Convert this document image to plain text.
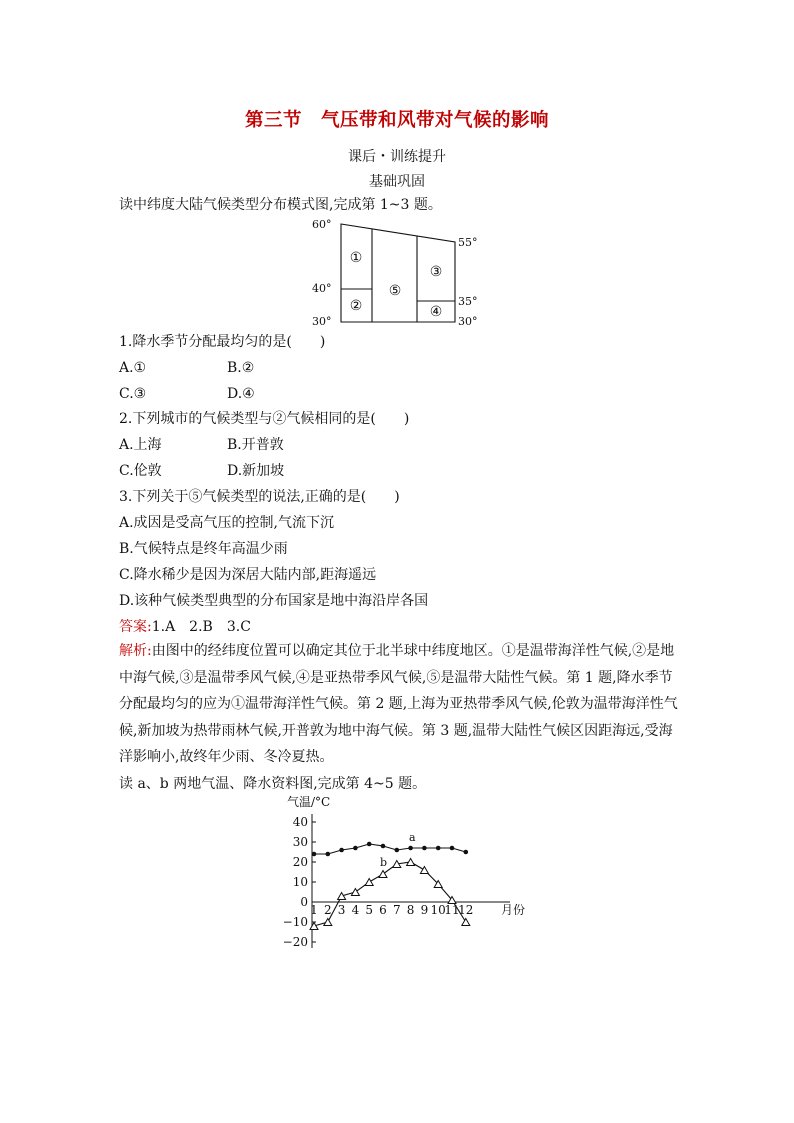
第三节　气压带和风带对气候的影响
课后・训练提升
基础巩固
读中纬度大陆气候类型分布模式图,完成第 1~3 题。
60°
40°
30°
55°
35°
30°
①
②
③
④
⑤
1.降水季节分配最均匀的是(　　)
A.①	B.②
C.③	D.④
2.下列城市的气候类型与②气候相同的是(　　)
A.上海	B.开普敦
C.伦敦	D.新加坡
3.下列关于⑤气候类型的说法,正确的是(　　)
A.成因是受高气压的控制,气流下沉
B.气候特点是终年高温少雨
C.降水稀少是因为深居大陆内部,距海遥远
D.该种气候类型典型的分布国家是地中海沿岸各国
答案:1.A　2.B　3.C
解析:由图中的经纬度位置可以确定其位于北半球中纬度地区。①是温带海洋性气候,②是地中海气候,③是温带季风气候,④是亚热带季风气候,⑤是温带大陆性气候。第 1 题,降水季节分配最均匀的应为①温带海洋性气候。第 2 题,上海为亚热带季风气候,伦敦为温带海洋性气候,新加坡为热带雨林气候,开普敦为地中海气候。第 3 题,温带大陆性气候区因距海远,受海洋影响小,故终年少雨、冬冷夏热。
读 a、b 两地气温、降水资料图,完成第 4~5 题。
气温/°C
月份
40
30
20
10
0
−10
−20
1 2 3 4 5 6 7 8 9 10
11
12
a
b
